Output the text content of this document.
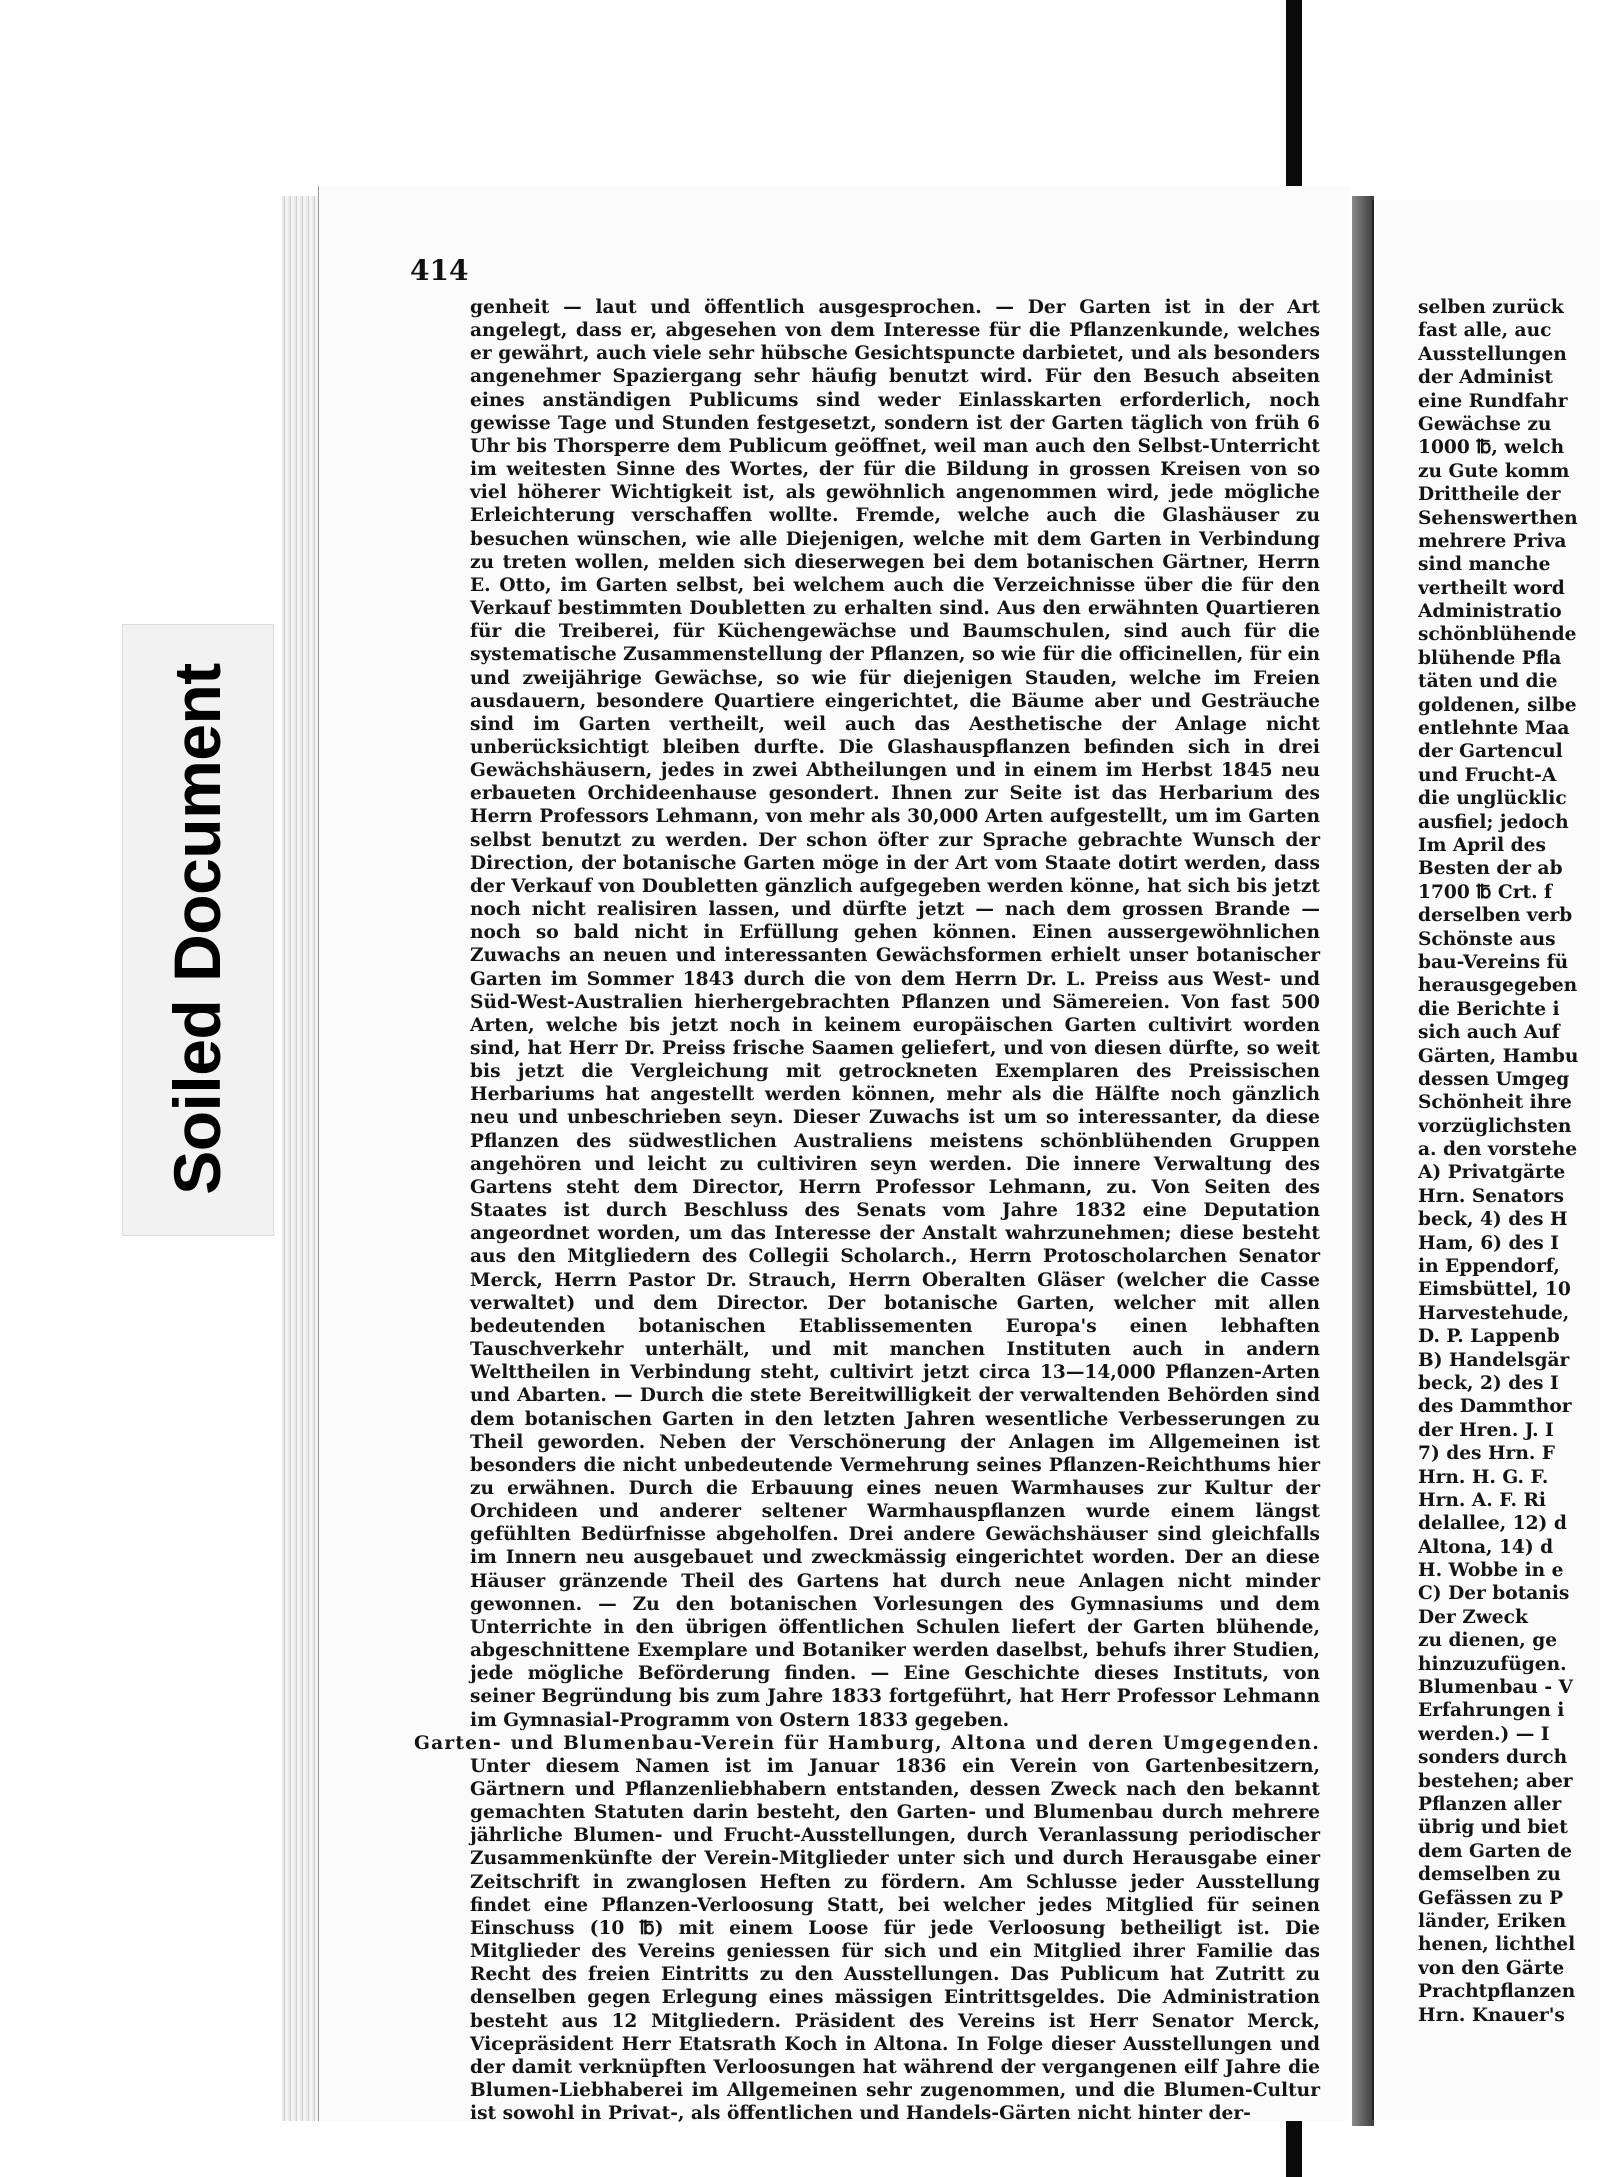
414

genheit — laut und öffentlich ausgesprochen. — Der Garten ist in der Art angelegt, dass er, abgesehen von dem Interesse für die Pflanzenkunde, welches er gewährt, auch viele sehr hübsche Gesichtspuncte darbietet, und als besonders angenehmer Spaziergang sehr häufig benutzt wird. Für den Besuch abseiten eines anständigen Publicums sind weder Einlasskarten erforderlich, noch gewisse Tage und Stunden festgesetzt, sondern ist der Garten täglich von früh 6 Uhr bis Thorsperre dem Publicum geöffnet, weil man auch den Selbst-Unterricht im weitesten Sinne des Wortes, der für die Bildung in grossen Kreisen von so viel höherer Wichtigkeit ist, als gewöhnlich angenommen wird, jede mögliche Erleichterung verschaffen wollte. Fremde, welche auch die Glashäuser zu besuchen wünschen, wie alle Diejenigen, welche mit dem Garten in Verbindung zu treten wollen, melden sich dieserwegen bei dem botanischen Gärtner, Herrn E. Otto, im Garten selbst, bei welchem auch die Verzeichnisse über die für den Verkauf bestimmten Doubletten zu erhalten sind. Aus den erwähnten Quartieren für die Treiberei, für Küchengewächse und Baumschulen, sind auch für die systematische Zusammenstellung der Pflanzen, so wie für die officinellen, für ein und zweijährige Gewächse, so wie für diejenigen Stauden, welche im Freien ausdauern, besondere Quartiere eingerichtet, die Bäume aber und Gesträuche sind im Garten vertheilt, weil auch das Aesthetische der Anlage nicht unberücksichtigt bleiben durfte. Die Glashauspflanzen befinden sich in drei Gewächshäusern, jedes in zwei Abtheilungen und in einem im Herbst 1845 neu erbaueten Orchideenhause gesondert. Ihnen zur Seite ist das Herbarium des Herrn Professors Lehmann, von mehr als 30,000 Arten aufgestellt, um im Garten selbst benutzt zu werden. Der schon öfter zur Sprache gebrachte Wunsch der Direction, der botanische Garten möge in der Art vom Staate dotirt werden, dass der Verkauf von Doubletten gänzlich aufgegeben werden könne, hat sich bis jetzt noch nicht realisiren lassen, und dürfte jetzt — nach dem grossen Brande — noch so bald nicht in Erfüllung gehen können. Einen aussergewöhnlichen Zuwachs an neuen und interessanten Gewächsformen erhielt unser botanischer Garten im Sommer 1843 durch die von dem Herrn Dr. L. Preiss aus West- und Süd-West-Australien hierhergebrachten Pflanzen und Sämereien. Von fast 500 Arten, welche bis jetzt noch in keinem europäischen Garten cultivirt worden sind, hat Herr Dr. Preiss frische Saamen geliefert, und von diesen dürfte, so weit bis jetzt die Vergleichung mit getrockneten Exemplaren des Preissischen Herbariums hat angestellt werden können, mehr als die Hälfte noch gänzlich neu und unbeschrieben seyn. Dieser Zuwachs ist um so interessanter, da diese Pflanzen des südwestlichen Australiens meistens schönblühenden Gruppen angehören und leicht zu cultiviren seyn werden. Die innere Verwaltung des Gartens steht dem Director, Herrn Professor Lehmann, zu. Von Seiten des Staates ist durch Beschluss des Senats vom Jahre 1832 eine Deputation angeordnet worden, um das Interesse der Anstalt wahrzunehmen; diese besteht aus den Mitgliedern des Collegii Scholarch., Herrn Protoscholarchen Senator Merck, Herrn Pastor Dr. Strauch, Herrn Oberalten Gläser (welcher die Casse verwaltet) und dem Director. Der botanische Garten, welcher mit allen bedeutenden botanischen Etablissementen Europa's einen lebhaften Tauschverkehr unterhält, und mit manchen Instituten auch in andern Welttheilen in Verbindung steht, cultivirt jetzt circa 13—14,000 Pflanzen-Arten und Abarten. — Durch die stete Bereitwilligkeit der verwaltenden Behörden sind dem botanischen Garten in den letzten Jahren wesentliche Verbesserungen zu Theil geworden. Neben der Verschönerung der Anlagen im Allgemeinen ist besonders die nicht unbedeutende Vermehrung seines Pflanzen-Reichthums hier zu erwähnen. Durch die Erbauung eines neuen Warmhauses zur Kultur der Orchideen und anderer seltener Warmhauspflanzen wurde einem längst gefühlten Bedürfnisse abgeholfen. Drei andere Gewächshäuser sind gleichfalls im Innern neu ausgebauet und zweckmässig eingerichtet worden. Der an diese Häuser gränzende Theil des Gartens hat durch neue Anlagen nicht minder gewonnen. — Zu den botanischen Vorlesungen des Gymnasiums und dem Unterrichte in den übrigen öffentlichen Schulen liefert der Garten blühende, abgeschnittene Exemplare und Botaniker werden daselbst, behufs ihrer Studien, jede mögliche Beförderung finden. — Eine Geschichte dieses Instituts, von seiner Begründung bis zum Jahre 1833 fortgeführt, hat Herr Professor Lehmann im Gymnasial-Programm von Ostern 1833 gegeben.

Garten- und Blumenbau-Verein für Hamburg, Altona und deren Umgegenden. Unter diesem Namen ist im Januar 1836 ein Verein von Gartenbesitzern, Gärtnern und Pflanzenliebhabern entstanden, dessen Zweck nach den bekannt gemachten Statuten darin besteht, den Garten- und Blumenbau durch mehrere jährliche Blumen- und Frucht-Ausstellungen, durch Veranlassung periodischer Zusammenkünfte der Verein-Mitglieder unter sich und durch Herausgabe einer Zeitschrift in zwanglosen Heften zu fördern. Am Schlusse jeder Ausstellung findet eine Pflanzen-Verloosung Statt, bei welcher jedes Mitglied für seinen Einschuss (10 ℔) mit einem Loose für jede Verloosung betheiligt ist. Die Mitglieder des Vereins geniessen für sich und ein Mitglied ihrer Familie das Recht des freien Eintritts zu den Ausstellungen. Das Publicum hat Zutritt zu denselben gegen Erlegung eines mässigen Eintrittsgeldes. Die Administration besteht aus 12 Mitgliedern. Präsident des Vereins ist Herr Senator Merck, Vicepräsident Herr Etatsrath Koch in Altona. In Folge dieser Ausstellungen und der damit verknüpften Verloosungen hat während der vergangenen eilf Jahre die Blumen-Liebhaberei im Allgemeinen sehr zugenommen, und die Blumen-Cultur ist sowohl in Privat-, als öffentlichen und Handels-Gärten nicht hinter der-

selben zurück
fast alle, auc
Ausstellungen
der Administ
eine Rundfahr
Gewächse zu
1000 ℔, welch
zu Gute komm
Drittheile der
Sehenswerthen
mehrere Priva
sind manche
vertheilt word
Administratio
schönblühende
blühende Pfla
täten und die
goldenen, silbe
entlehnte Maa
der Gartencul
und Frucht-A
die unglücklic
ausfiel; jedoch
Im April des
Besten der ab
1700 ℔ Crt. f
derselben verb
Schönste aus
bau-Vereins fü
herausgegeben
die Berichte i
sich auch Auf
Gärten, Hambu
dessen Umgeg
Schönheit ihre
vorzüglichsten
a. den vorstehe
A) Privatgärte
Hrn. Senators
beck, 4) des H
Ham, 6) des I
in Eppendorf,
Eimsbüttel, 10
Harvestehude,
D. P. Lappenb
B) Handelsgär
beck, 2) des I
des Dammthor
der Hren. J. I
7) des Hrn. F
Hrn. H. G. F.
Hrn. A. F. Ri
delallee, 12) d
Altona, 14) d
H. Wobbe in e
C) Der botanis
Der Zweck
zu dienen, ge
hinzuzufügen.
Blumenbau - V
Erfahrungen i
werden.) — I
sonders durch
bestehen; aber
Pflanzen aller
übrig und biet
dem Garten de
demselben zu
Gefässen zu P
länder, Eriken
henen, lichthel
von den Gärte
Prachtpflanzen
Hrn. Knauer's
Soiled Document
